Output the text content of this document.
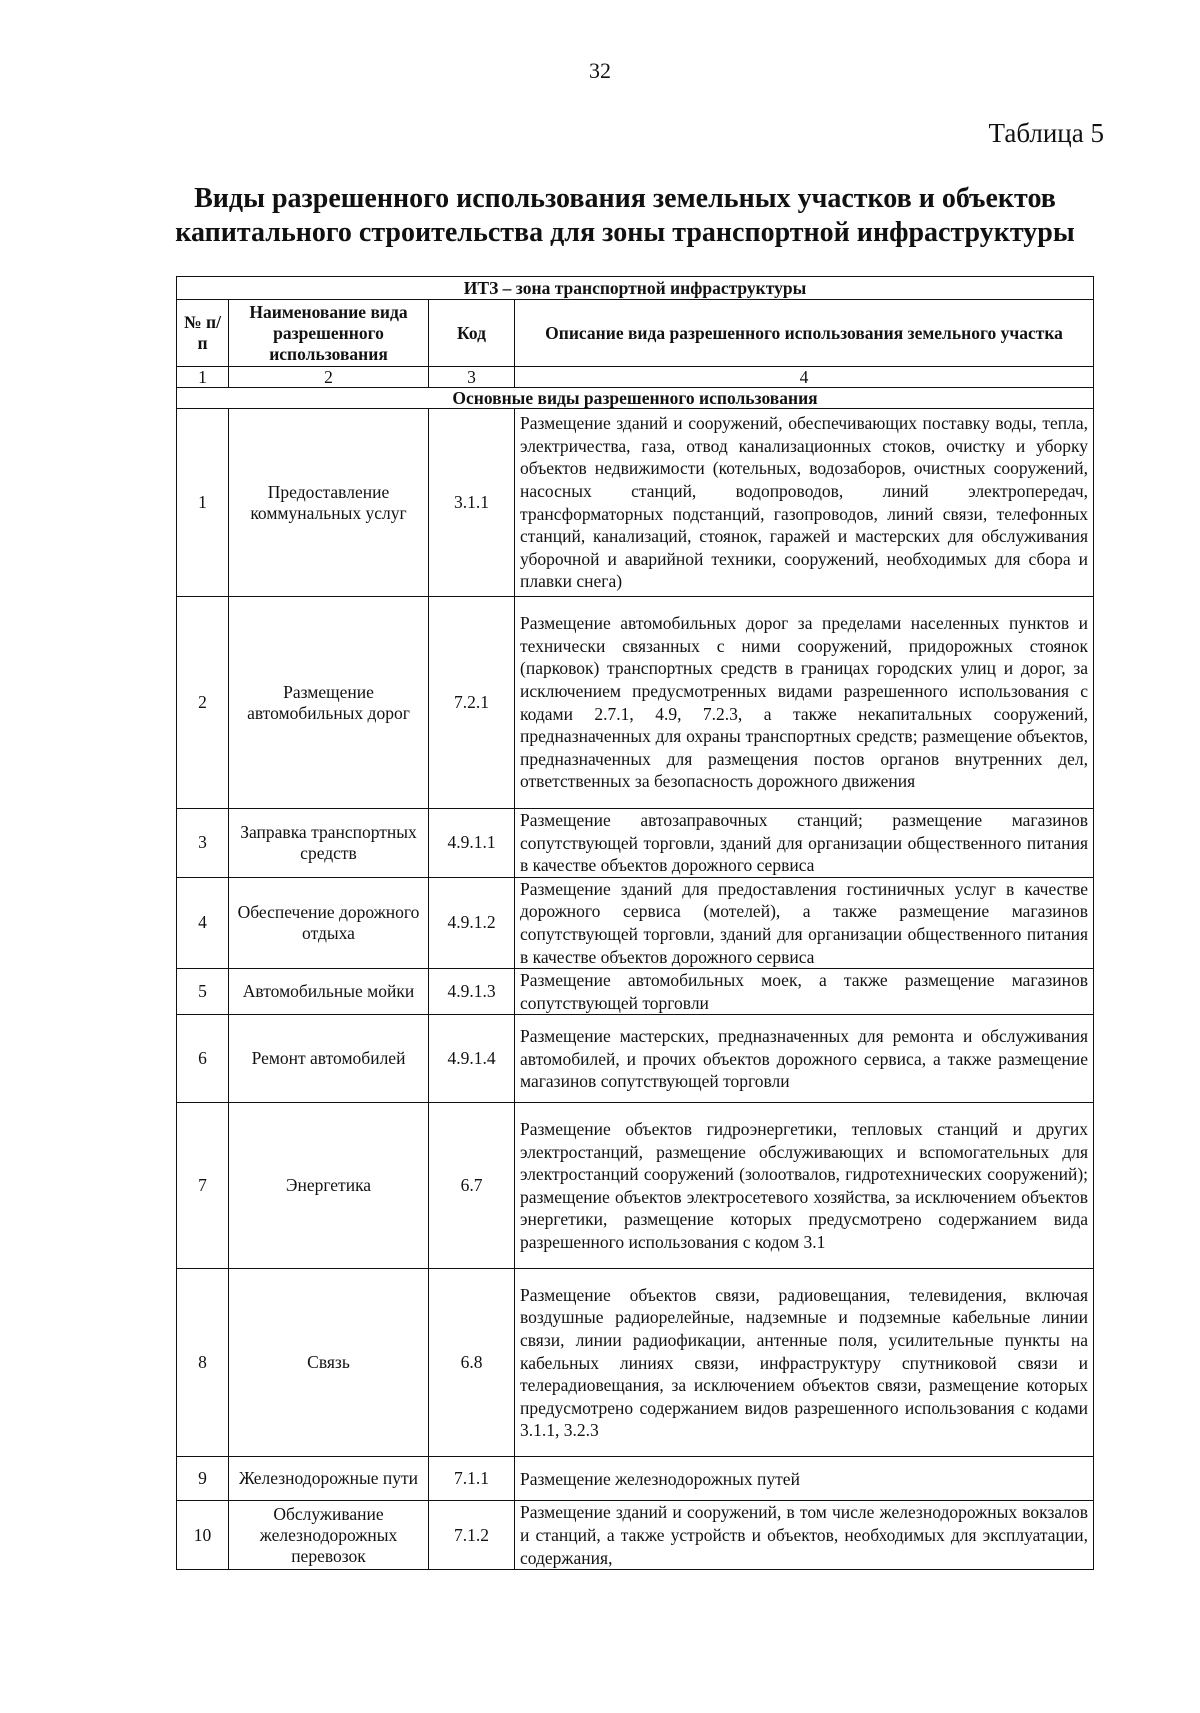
32
Таблица 5
Виды разрешенного использования земельных участков и объектов
капитального строительства для зоны транспортной инфраструктуры
ИТЗ – зона транспортной инфраструктуры			
№ п/п	Наименование вида разрешенного использования	Код	Описание вида разрешенного использования земельного участка
1	2	3	4
Основные виды разрешенного использования			
1	Предоставление коммунальных услуг	3.1.1	Размещение зданий и сооружений, обеспечивающих поставку воды, тепла, электричества, газа, отвод канализационных стоков, очистку и уборку объектов недвижимости (котельных, водозаборов, очистных сооружений, насосных станций, водопроводов, линий электропередач, трансформаторных подстанций, газопроводов, линий связи, телефонных станций, канализаций, стоянок, гаражей и мастерских для обслуживания уборочной и аварийной техники, сооружений, необходимых для сбора и плавки снега)
2	Размещение автомобильных дорог	7.2.1	Размещение автомобильных дорог за пределами населенных пунктов и технически связанных с ними сооружений, придорожных стоянок (парковок) транспортных средств в границах городских улиц и дорог, за исключением предусмотренных видами разрешенного использования с кодами 2.7.1, 4.9, 7.2.3, а также некапитальных сооружений, предназначенных для охраны транспортных средств; размещение объектов, предназначенных для размещения постов органов внутренних дел, ответственных за безопасность дорожного движения
3	Заправка транспортных средств	4.9.1.1	Размещение автозаправочных станций; размещение магазинов сопутствующей торговли, зданий для организации общественного питания в качестве объектов дорожного сервиса
4	Обеспечение дорожного отдыха	4.9.1.2	Размещение зданий для предоставления гостиничных услуг в качестве дорожного сервиса (мотелей), а также размещение магазинов сопутствующей торговли, зданий для организации общественного питания в качестве объектов дорожного сервиса
5	Автомобильные мойки	4.9.1.3	Размещение автомобильных моек, а также размещение магазинов сопутствующей торговли
6	Ремонт автомобилей	4.9.1.4	Размещение мастерских, предназначенных для ремонта и обслуживания автомобилей, и прочих объектов дорожного сервиса, а также размещение магазинов сопутствующей торговли
7	Энергетика	6.7	Размещение объектов гидроэнергетики, тепловых станций и других электростанций, размещение обслуживающих и вспомогательных для электростанций сооружений (золоотвалов, гидротехнических сооружений); размещение объектов электросетевого хозяйства, за исключением объектов энергетики, размещение которых предусмотрено содержанием вида разрешенного использования с кодом 3.1
8	Связь	6.8	Размещение объектов связи, радиовещания, телевидения, включая воздушные радиорелейные, надземные и подземные кабельные линии связи, линии радиофикации, антенные поля, усилительные пункты на кабельных линиях связи, инфраструктуру спутниковой связи и телерадиовещания, за исключением объектов связи, размещение которых предусмотрено содержанием видов разрешенного использования с кодами 3.1.1, 3.2.3
9	Железнодорожные пути	7.1.1	Размещение железнодорожных путей
10	Обслуживание железнодорожных перевозок	7.1.2	Размещение зданий и сооружений, в том числе железнодорожных вокзалов и станций, а также устройств и объектов, необходимых для эксплуатации, содержания,
